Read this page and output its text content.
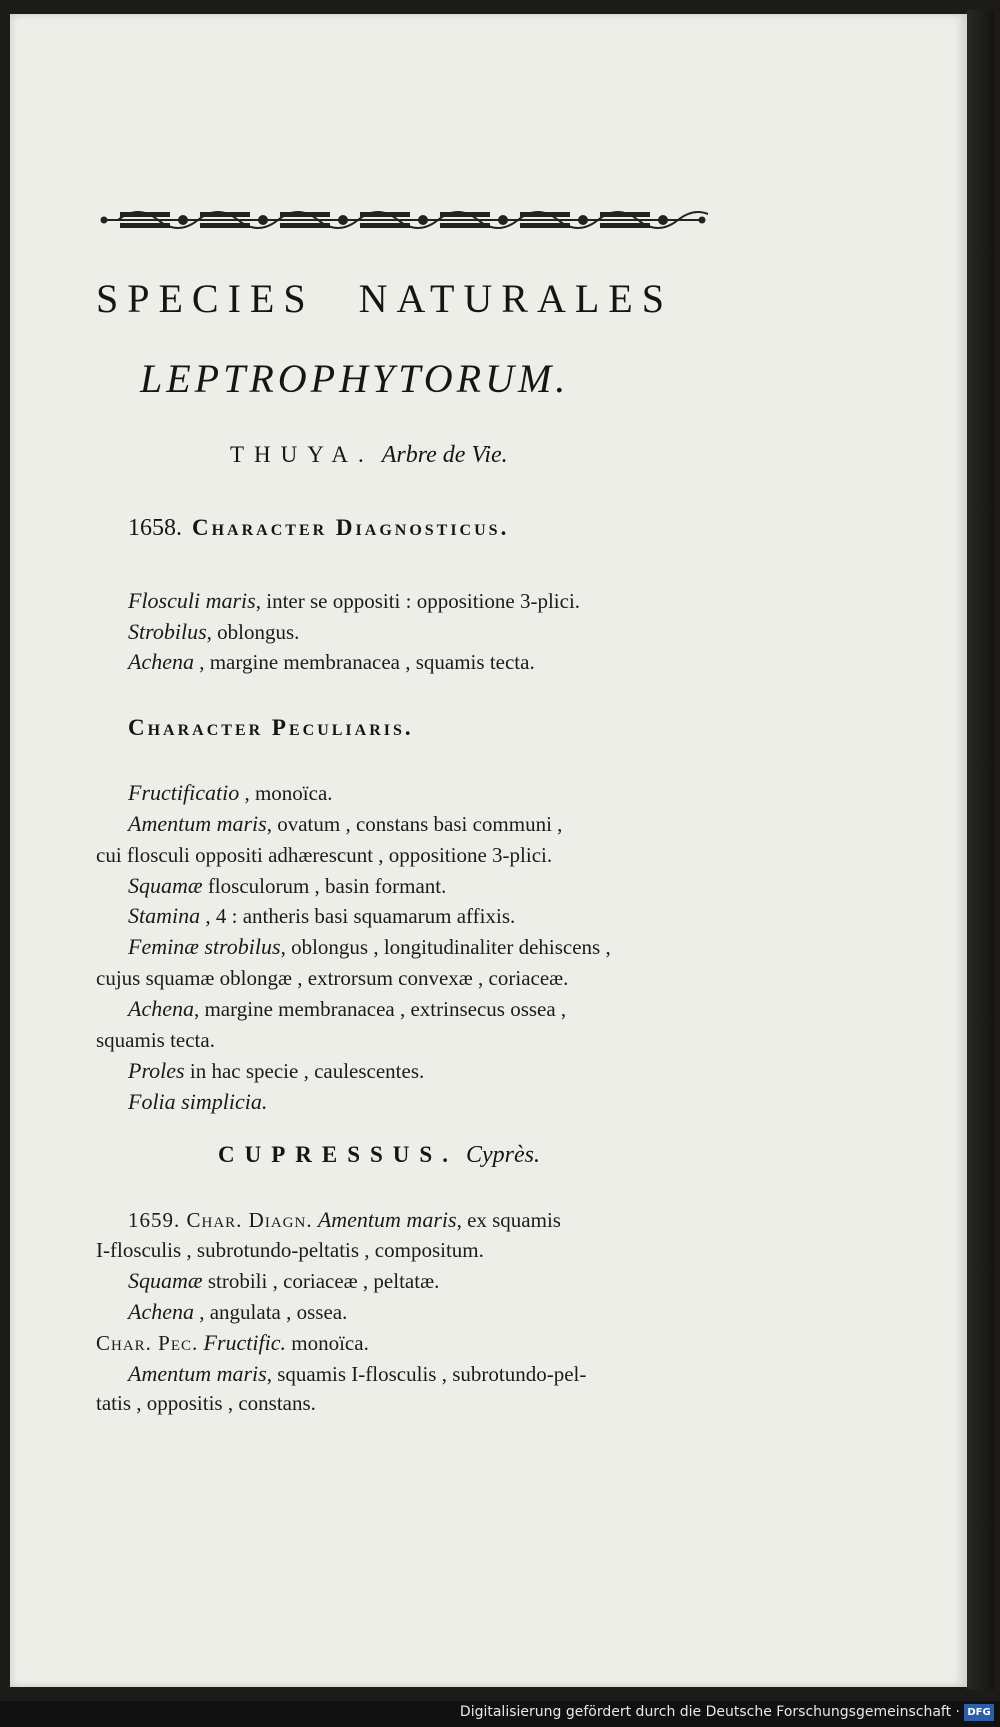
SPECIES NATURALES
LEPTROPHYTORUM.
THUYA. Arbre de Vie.
1658. Character Diagnosticus.
Flosculi maris, inter se oppositi : oppositione 3-plici.
Strobilus, oblongus.
Achena , margine membranacea , squamis tecta.
Character Peculiaris.
Fructificatio , monoïca.
Amentum maris, ovatum , constans basi communi ,
cui flosculi oppositi adhærescunt , oppositione 3-plici.
Squamæ flosculorum , basin formant.
Stamina , 4 : antheris basi squamarum affixis.
Feminæ strobilus, oblongus , longitudinaliter dehiscens ,
cujus squamæ oblongæ , extrorsum convexæ , coriaceæ.
Achena, margine membranacea , extrinsecus ossea ,
squamis tecta.
Proles in hac specie , caulescentes.
Folia simplicia.
CUPRESSUS. Cyprès.
1659. Char. Diagn. Amentum maris, ex squamis
I-flosculis , subrotundo-peltatis , compositum.
Squamæ strobili , coriaceæ , peltatæ.
Achena , angulata , ossea.
Char. Pec. Fructific. monoïca.
Amentum maris, squamis I-flosculis , subrotundo-pel-
tatis , oppositis , constans.
Digitalisierung gefördert durch die Deutsche Forschungsgemeinschaft · DFG
